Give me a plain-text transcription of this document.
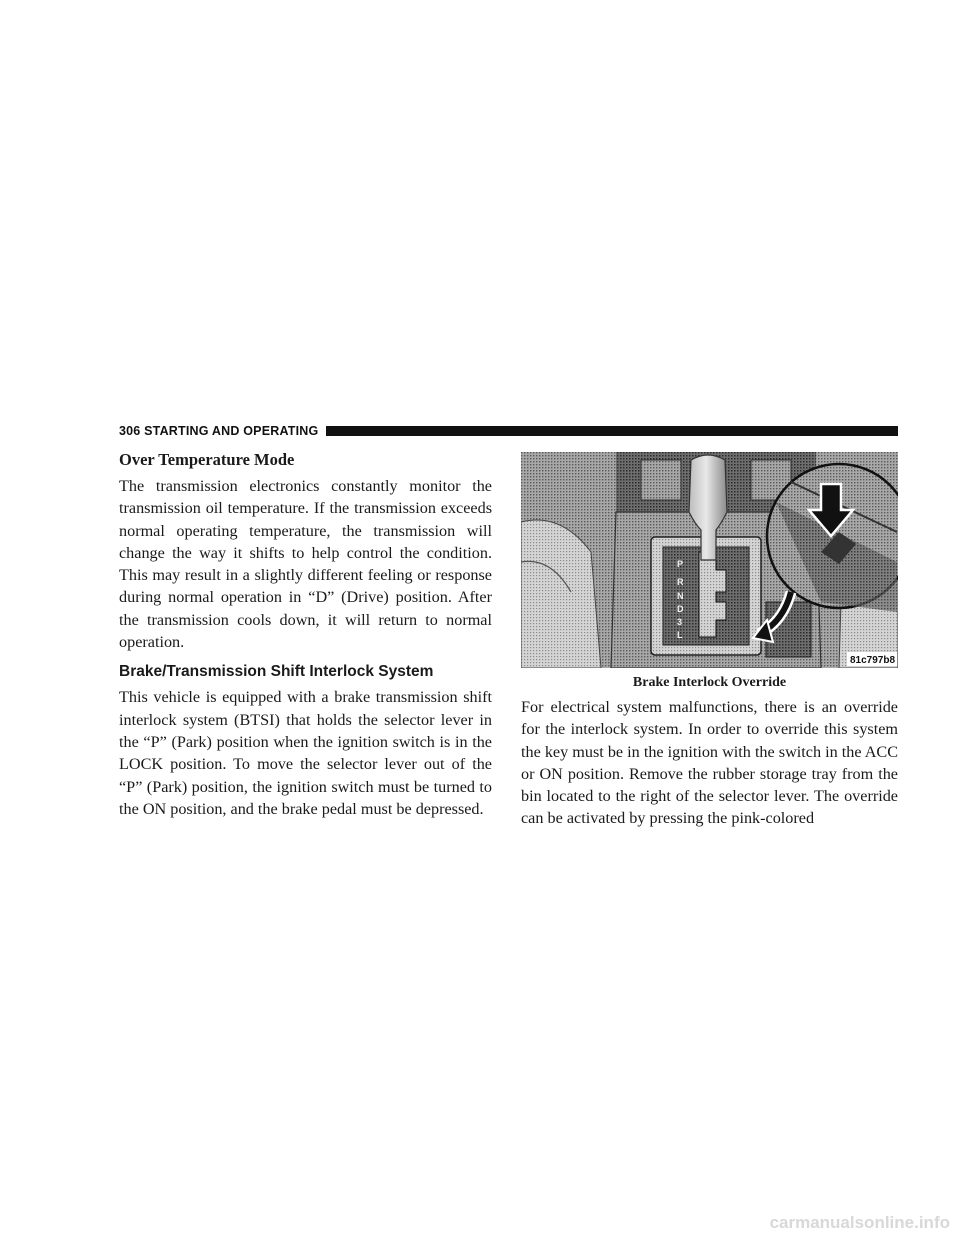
306 STARTING AND OPERATING
Over Temperature Mode

The transmission electronics constantly monitor the transmission oil temperature. If the transmission exceeds normal operating temperature, the transmission will change the way it shifts to help control the condition. This may result in a slightly different feeling or response during normal operation in “D” (Drive) position. After the transmission cools down, it will return to normal operation.

Brake/Transmission Shift Interlock System

This vehicle is equipped with a brake transmission shift interlock system (BTSI) that holds the selector lever in the “P” (Park) position when the ignition switch is in the LOCK position. To move the selector lever out of the “P” (Park) position, the ignition switch must be turned to the ON position, and the brake pedal must be depressed.

P
R
N
D
3
L
81c797b8
Brake Interlock Override

For electrical system malfunctions, there is an override for the interlock system. In order to override this system the key must be in the ignition with the switch in the ACC or ON position. Remove the rubber storage tray from the bin located to the right of the selector lever. The override can be activated by pressing the pink-colored

carmanualsonline.info
